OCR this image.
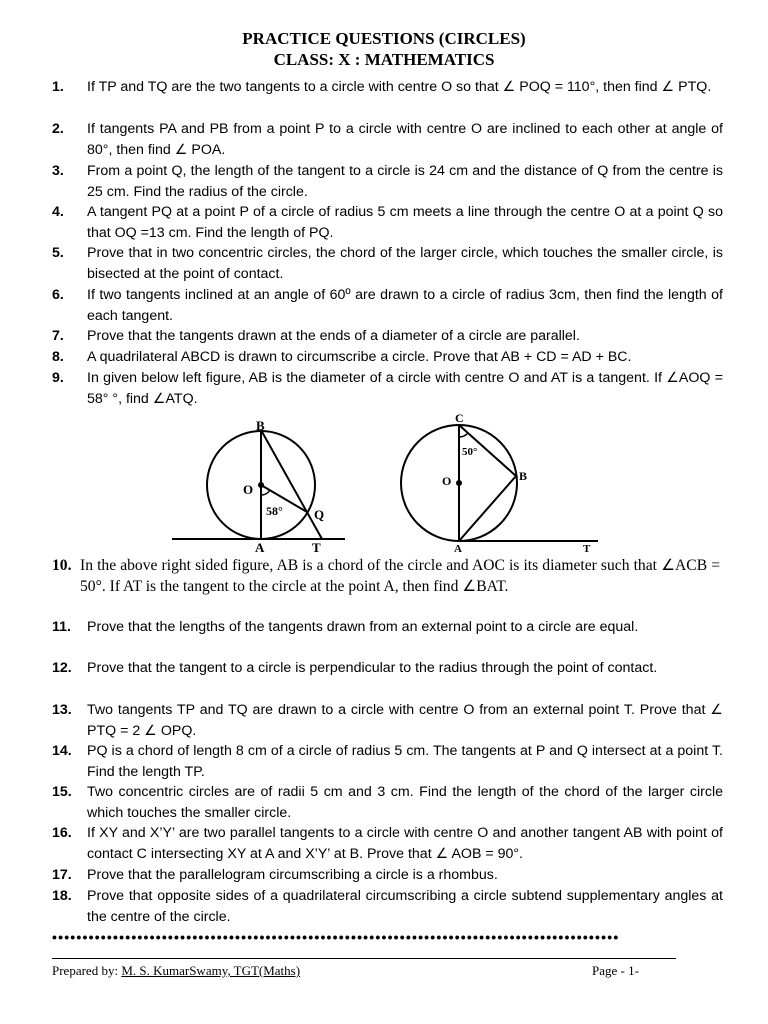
PRACTICE QUESTIONS (CIRCLES)
CLASS: X : MATHEMATICS
1. If TP and TQ are the two tangents to a circle with centre O so that ∠ POQ = 110°, then find ∠ PTQ.
2. If tangents PA and PB from a point P to a circle with centre O are inclined to each other at angle of 80°, then find ∠ POA.
3. From a point Q, the length of the tangent to a circle is 24 cm and the distance of Q from the centre is 25 cm. Find the radius of the circle.
4. A tangent PQ at a point P of a circle of radius 5 cm meets a line through the centre O at a point Q so that OQ =13 cm. Find the length of PQ.
5. Prove that in two concentric circles, the chord of the larger circle, which touches the smaller circle, is bisected at the point of contact.
6. If two tangents inclined at an angle of 60º are drawn to a circle of radius 3cm, then find the length of each tangent.
7. Prove that the tangents drawn at the ends of a diameter of a circle are parallel.
8. A quadrilateral ABCD is drawn to circumscribe a circle. Prove that AB + CD = AD + BC.
9. In given below left figure, AB is the diameter of a circle with centre O and AT is a tangent. If ∠AOQ = 58° °, find ∠ATQ.
B
O
58° Q
A	T
C
50°
O	B
A	T
10. In the above right sided figure, AB is a chord of the circle and AOC is its diameter such that ∠ACB = 50°. If AT is the tangent to the circle at the point A, then find ∠BAT.
11. Prove that the lengths of the tangents drawn from an external point to a circle are equal.
12. Prove that the tangent to a circle is perpendicular to the radius through the point of contact.
13. Two tangents TP and TQ are drawn to a circle with centre O from an external point T. Prove that ∠ PTQ = 2 ∠ OPQ.
14. PQ is a chord of length 8 cm of a circle of radius 5 cm. The tangents at P and Q intersect at a point T. Find the length TP.
15. Two concentric circles are of radii 5 cm and 3 cm. Find the length of the chord of the larger circle which touches the smaller circle.
16. If XY and X’Y’ are two parallel tangents to a circle with centre O and another tangent AB with point of contact C intersecting XY at A and X’Y’ at B. Prove that ∠ AOB = 90°.
17. Prove that the parallelogram circumscribing a circle is a rhombus.
18. Prove that opposite sides of a quadrilateral circumscribing a circle subtend supplementary angles at the centre of the circle.
•••••••••••••••••••••••••••••••••••••••••••••••••••••••••••••••••••••••••••••••••••••••••••••
Prepared by: M. S. KumarSwamy, TGT(Maths)	Page - 1-
